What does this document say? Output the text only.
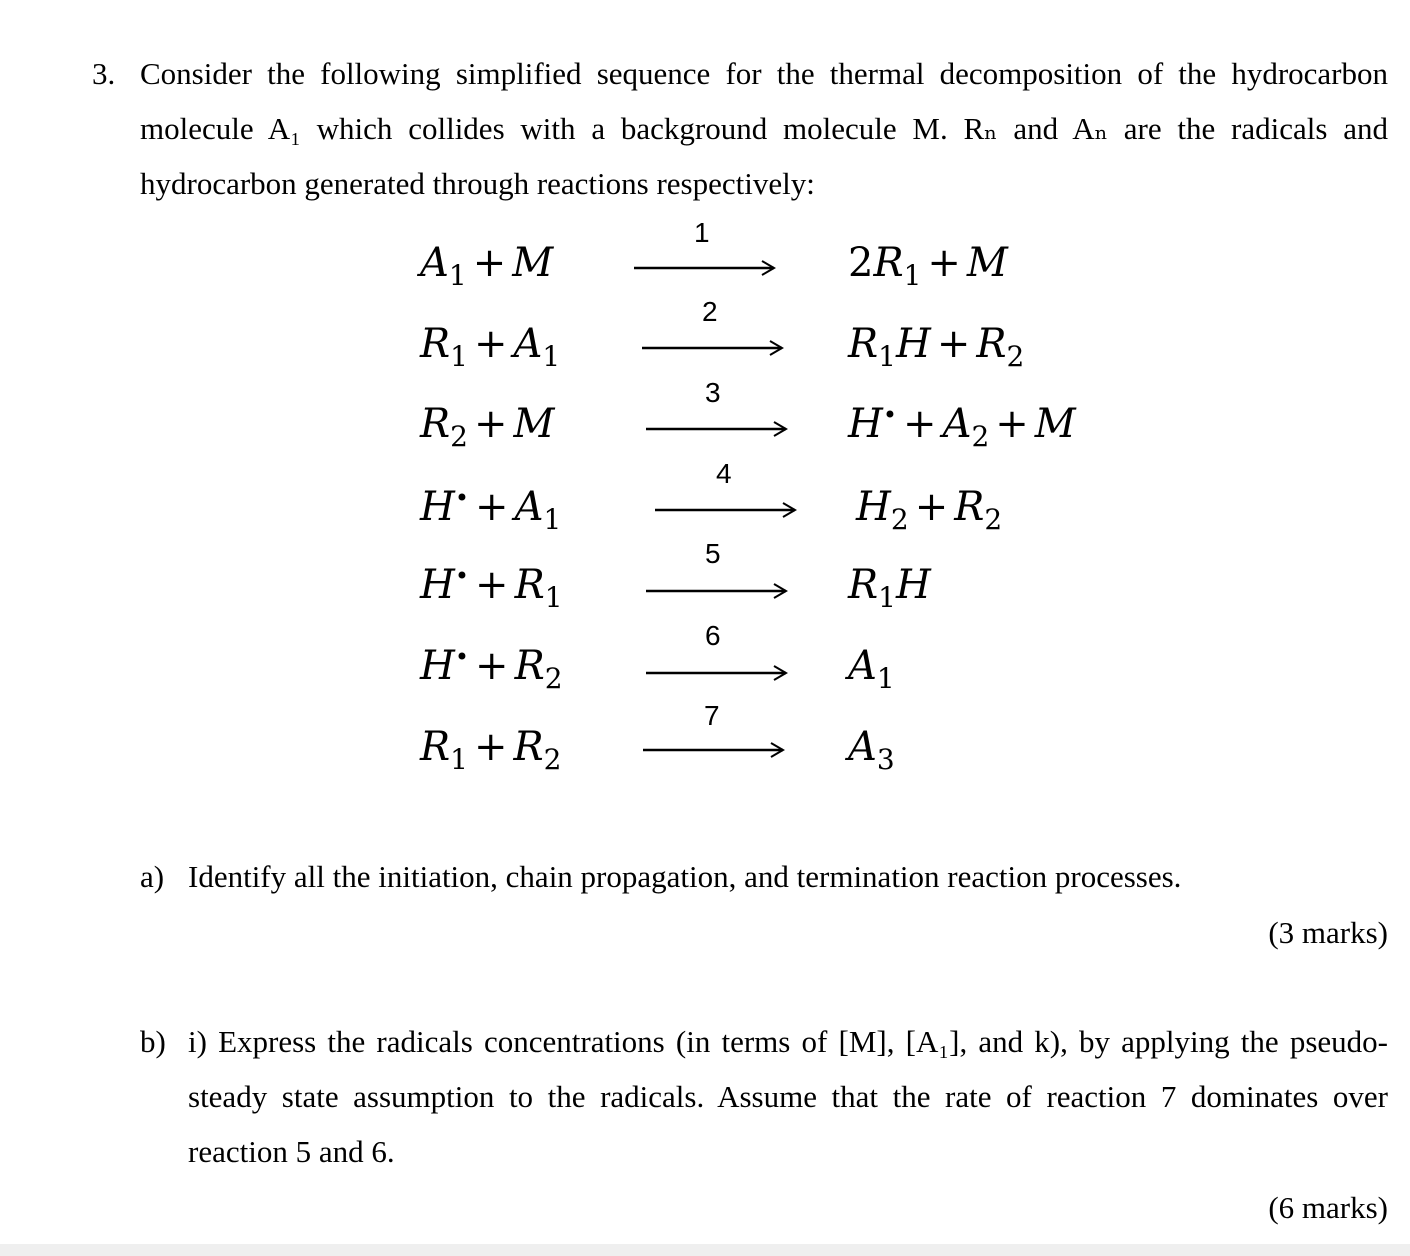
3. Consider the following simplified sequence for the thermal decomposition of the hydrocarbon
molecule A₁ which collides with a background molecule M. Rₙ and Aₙ are the radicals and
hydrocarbon generated through reactions respectively:
1
$A_1 + M$	$2R_1 + M$
2
$R_1 + A_1$	$R_1H + R_2$
3
$R_2 + M$	$H^• + A_2 + M$
4
$H^• + A_1$	$H_2 + R_2$
5
$H^• + R_1$	$R_1H$
6
$H^• + R_2$	$A_1$
7
$R_1 + R_2$	$A_3$
a) Identify all the initiation, chain propagation, and termination reaction processes.
(3 marks)
b) i) Express the radicals concentrations (in terms of [M], [A₁], and k), by applying the pseudo-
steady state assumption to the radicals. Assume that the rate of reaction 7 dominates over
reaction 5 and 6.
(6 marks)
